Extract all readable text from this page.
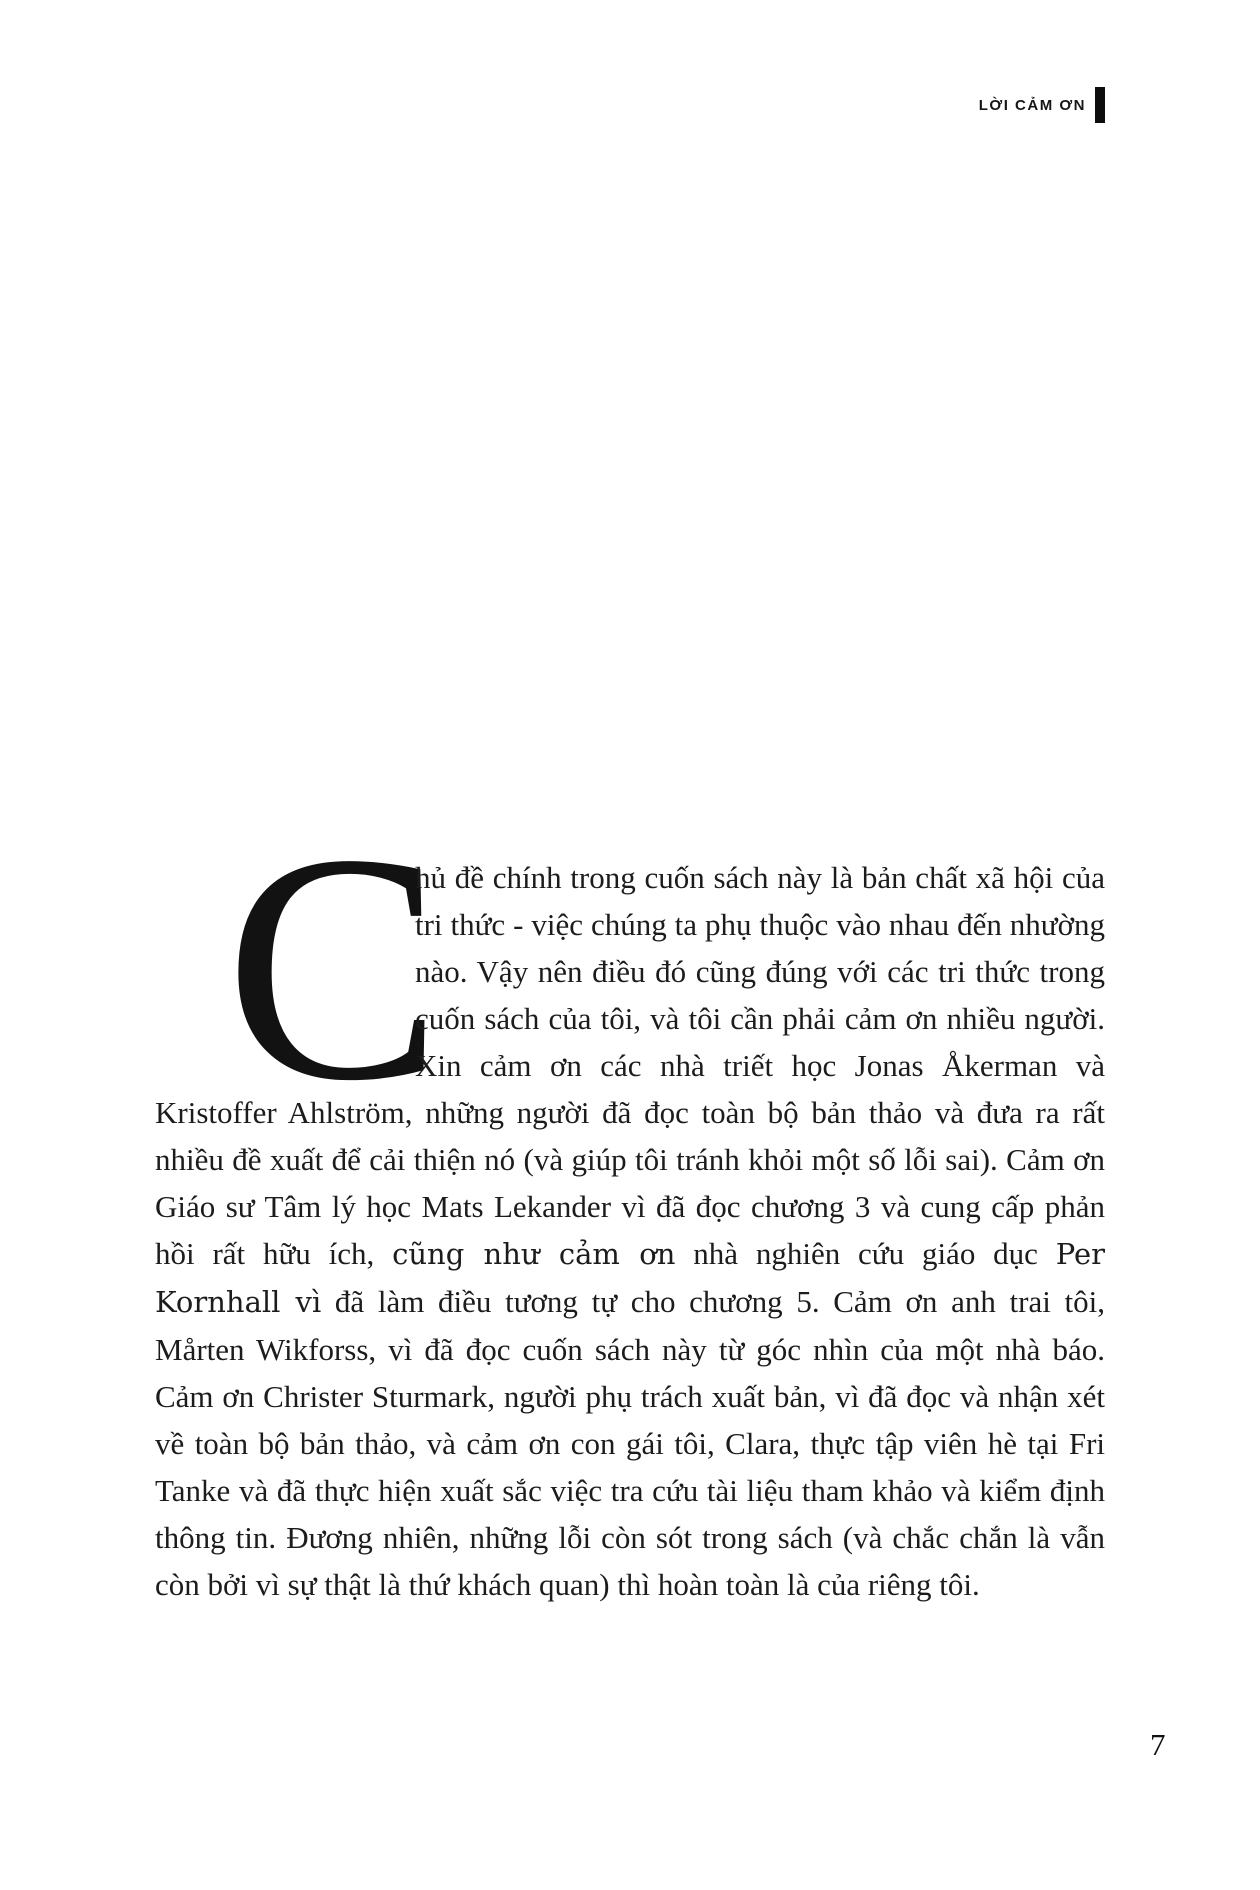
LỜI CẢM ƠN

C
hủ đề chính trong cuốn sách này là bản chất xã hội của tri thức - việc chúng ta phụ thuộc vào nhau đến nhường nào. Vậy nên điều đó cũng đúng với các tri thức trong cuốn sách của tôi, và tôi cần phải cảm ơn nhiều người. Xin cảm ơn các nhà triết học Jonas Åkerman và Kristoffer Ahlström, những người đã đọc toàn bộ bản thảo và đưa ra rất nhiều đề xuất để cải thiện nó (và giúp tôi tránh khỏi một số lỗi sai). Cảm ơn Giáo sư Tâm lý học Mats Lekander vì đã đọc chương 3 và cung cấp phản hồi rất hữu ích, cũng như cảm ơn nhà nghiên cứu giáo dục Per Kornhall vì đã làm điều tương tự cho chương 5. Cảm ơn anh trai tôi, Mårten Wikforss, vì đã đọc cuốn sách này từ góc nhìn của một nhà báo. Cảm ơn Christer Sturmark, người phụ trách xuất bản, vì đã đọc và nhận xét về toàn bộ bản thảo, và cảm ơn con gái tôi, Clara, thực tập viên hè tại Fri Tanke và đã thực hiện xuất sắc việc tra cứu tài liệu tham khảo và kiểm định thông tin. Đương nhiên, những lỗi còn sót trong sách (và chắc chắn là vẫn còn bởi vì sự thật là thứ khách quan) thì hoàn toàn là của riêng tôi.

7
